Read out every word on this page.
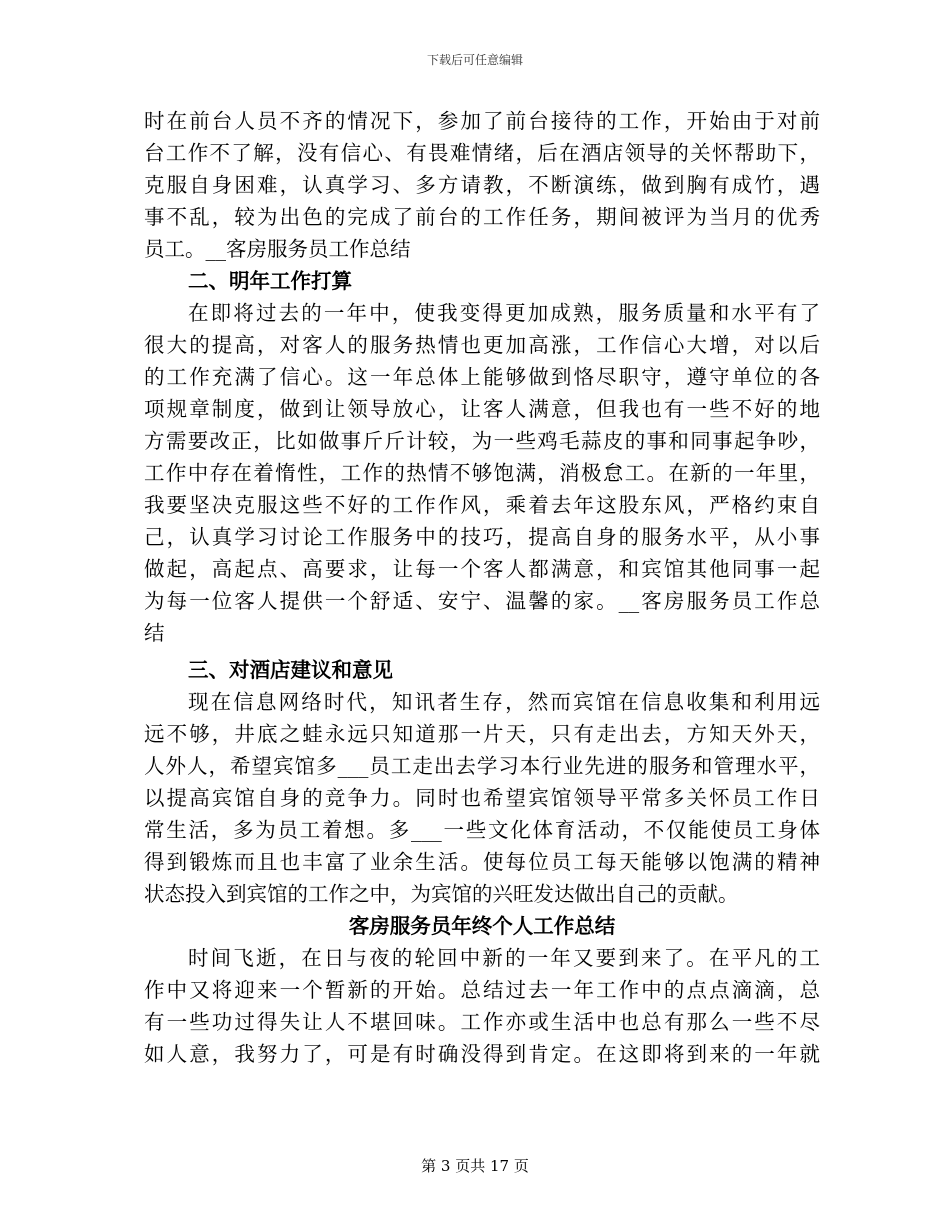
下载后可任意编辑
时在前台人员不齐的情况下，参加了前台接待的工作，开始由于对前
台工作不了解，没有信心、有畏难情绪，后在酒店领导的关怀帮助下，
克服自身困难，认真学习、多方请教，不断演练，做到胸有成竹，遇
事不乱，较为出色的完成了前台的工作任务，期间被评为当月的优秀
员工。__客房服务员工作总结
二、明年工作打算
在即将过去的一年中，使我变得更加成熟，服务质量和水平有了
很大的提高，对客人的服务热情也更加高涨，工作信心大增，对以后
的工作充满了信心。这一年总体上能够做到恪尽职守，遵守单位的各
项规章制度，做到让领导放心，让客人满意，但我也有一些不好的地
方需要改正，比如做事斤斤计较，为一些鸡毛蒜皮的事和同事起争吵，
工作中存在着惰性，工作的热情不够饱满，消极怠工。在新的一年里，
我要坚决克服这些不好的工作作风，乘着去年这股东风，严格约束自
己，认真学习讨论工作服务中的技巧，提高自身的服务水平，从小事
做起，高起点、高要求，让每一个客人都满意，和宾馆其他同事一起
为每一位客人提供一个舒适、安宁、温馨的家。__客房服务员工作总
结
三、对酒店建议和意见
现在信息网络时代，知讯者生存，然而宾馆在信息收集和利用远
远不够，井底之蛙永远只知道那一片天，只有走出去，方知天外天，
人外人，希望宾馆多___员工走出去学习本行业先进的服务和管理水平，
以提高宾馆自身的竞争力。同时也希望宾馆领导平常多关怀员工作日
常生活，多为员工着想。多___一些文化体育活动，不仅能使员工身体
得到锻炼而且也丰富了业余生活。使每位员工每天能够以饱满的精神
状态投入到宾馆的工作之中，为宾馆的兴旺发达做出自己的贡献。
客房服务员年终个人工作总结
时间飞逝，在日与夜的轮回中新的一年又要到来了。在平凡的工
作中又将迎来一个暂新的开始。总结过去一年工作中的点点滴滴，总
有一些功过得失让人不堪回味。工作亦或生活中也总有那么一些不尽
如人意，我努力了，可是有时确没得到肯定。在这即将到来的一年就
第 3 页共 17 页
